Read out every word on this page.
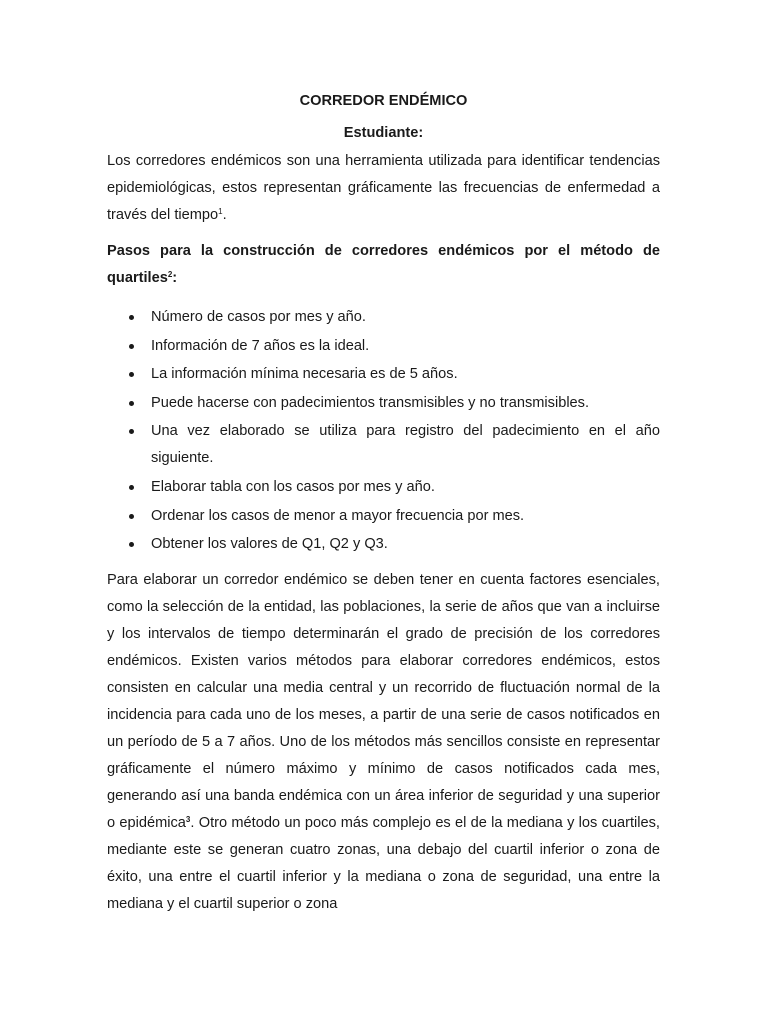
CORREDOR ENDÉMICO
Estudiante:

Los corredores endémicos son una herramienta utilizada para identificar tendencias epidemiológicas, estos representan gráficamente las frecuencias de enfermedad a través del tiempo$^1$.

Pasos para la construcción de corredores endémicos por el método de quartiles$^2$:

Número de casos por mes y año.
Información de 7 años es la ideal.
La información mínima necesaria es de 5 años.
Puede hacerse con padecimientos transmisibles y no transmisibles.
Una vez elaborado se utiliza para registro del padecimiento en el año siguiente.
Elaborar tabla con los casos por mes y año.
Ordenar los casos de menor a mayor frecuencia por mes.
Obtener los valores de Q1, Q2 y Q3.

Para elaborar un corredor endémico se deben tener en cuenta factores esenciales, como la selección de la entidad, las poblaciones, la serie de años que van a incluirse y los intervalos de tiempo determinarán el grado de precisión de los corredores endémicos. Existen varios métodos para elaborar corredores endémicos, estos consisten en calcular una media central y un recorrido de fluctuación normal de la incidencia para cada uno de los meses, a partir de una serie de casos notificados en un período de 5 a 7 años. Uno de los métodos más sencillos consiste en representar gráficamente el número máximo y mínimo de casos notificados cada mes, generando así una banda endémica con un área inferior de seguridad y una superior o epidémica$^3$. Otro método un poco más complejo es el de la mediana y los cuartiles, mediante este se generan cuatro zonas, una debajo del cuartil inferior o zona de éxito, una entre el cuartil inferior y la mediana o zona de seguridad, una entre la mediana y el cuartil superior o zona
